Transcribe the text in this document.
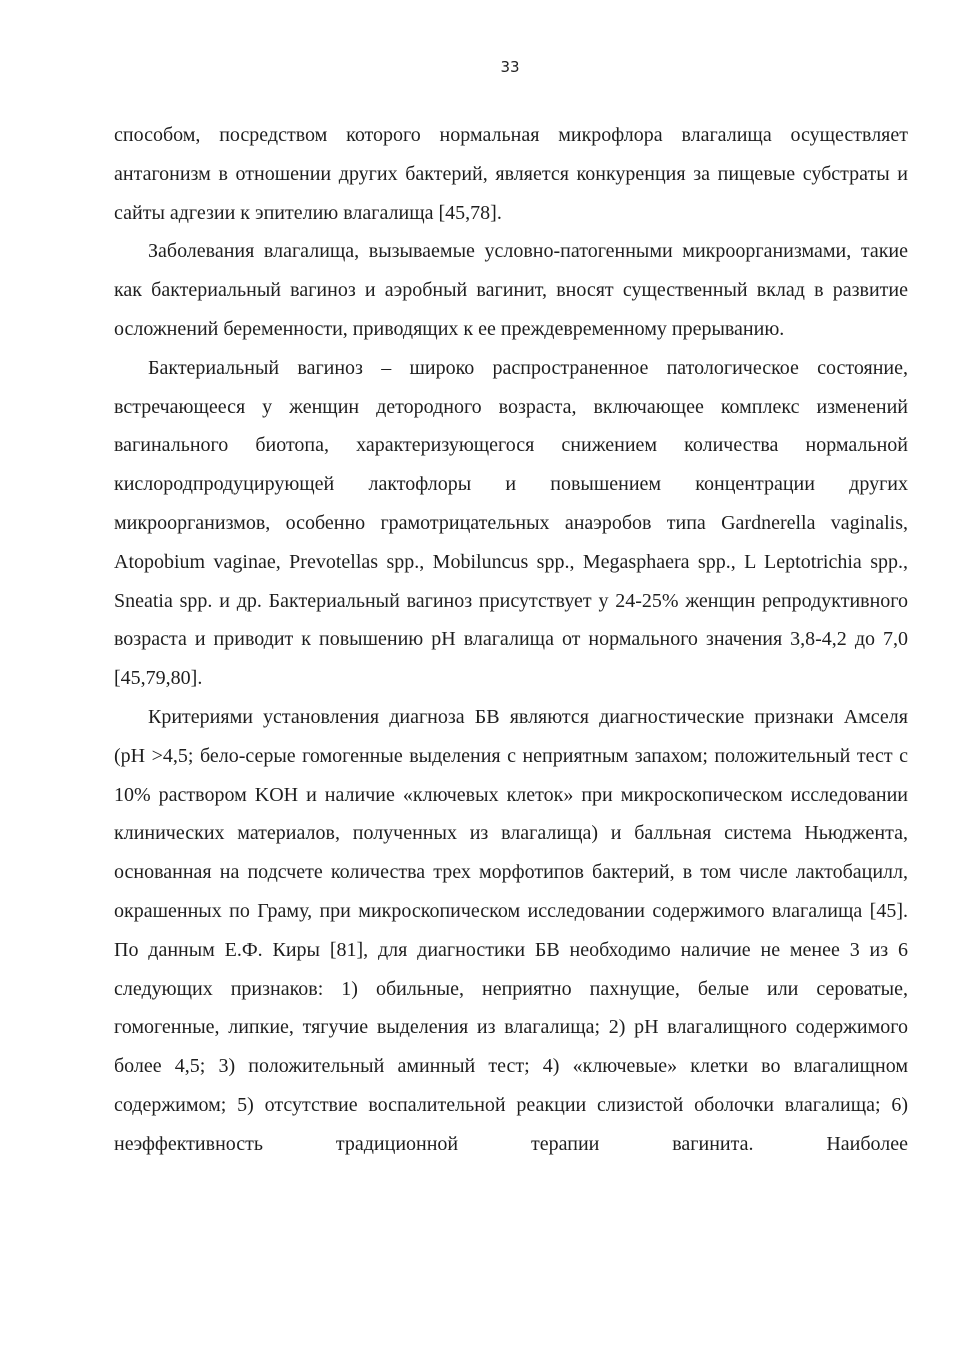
33

способом, посредством которого нормальная микрофлора влагалища осуществляет антагонизм в отношении других бактерий, является конкуренция за пищевые субстраты и сайты адгезии к эпителию влагалища [45,78].

Заболевания влагалища, вызываемые условно-патогенными микроорганизмами, такие как бактериальный вагиноз и аэробный вагинит, вносят существенный вклад в развитие осложнений беременности, приводящих к ее преждевременному прерыванию.

Бактериальный вагиноз – широко распространенное патологическое состояние, встречающееся у женщин детородного возраста, включающее комплекс изменений вагинального биотопа, характеризующегося снижением количества нормальной кислородпродуцирующей лактофлоры и повышением концентрации других микроорганизмов, особенно грамотрицательных анаэробов типа Gardnerella vaginalis, Atopobium vaginae, Prevotellas spp., Mobiluncus spp., Megasphaera spp., L Leptotrichia spp., Sneatia spp. и др. Бактериальный вагиноз присутствует у 24-25% женщин репродуктивного возраста и приводит к повышению pH влагалища от нормального значения 3,8-4,2 до 7,0 [45,79,80].

Критериями установления диагноза БВ являются диагностические признаки Амселя (pH >4,5; бело-серые гомогенные выделения с неприятным запахом; положительный тест с 10% раствором KOH и наличие «ключевых клеток» при микроскопическом исследовании клинических материалов, полученных из влагалища) и балльная система Ньюджента, основанная на подсчете количества трех морфотипов бактерий, в том числе лактобацилл, окрашенных по Граму, при микроскопическом исследовании содержимого влагалища [45]. По данным Е.Ф. Киры [81], для диагностики БВ необходимо наличие не менее 3 из 6 следующих признаков: 1) обильные, неприятно пахнущие, белые или сероватые, гомогенные, липкие, тягучие выделения из влагалища; 2) pH влагалищного содержимого более 4,5; 3) положительный аминный тест; 4) «ключевые» клетки во влагалищном содержимом; 5) отсутствие воспалительной реакции слизистой оболочки влагалища; 6) неэффективность традиционной терапии вагинита. Наиболее
